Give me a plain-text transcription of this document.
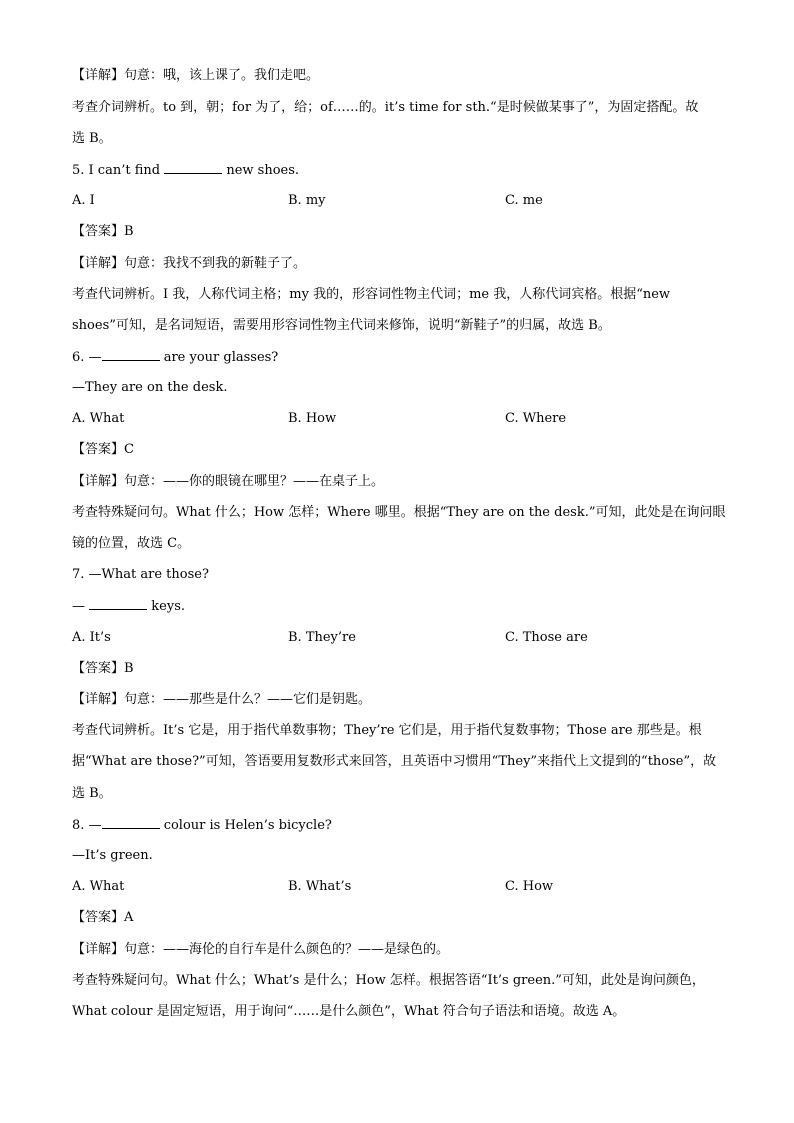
【详解】句意：哦，该上课了。我们走吧。
考查介词辨析。to 到，朝；for 为了，给；of……的。it’s time for sth.“是时候做某事了”，为固定搭配。故
选 B。
5. I can’t find	new shoes.
A. I	B. my	C. me
【答案】B
【详解】句意：我找不到我的新鞋子了。
考查代词辨析。I 我，人称代词主格；my 我的，形容词性物主代词；me 我，人称代词宾格。根据“new
shoes”可知，是名词短语，需要用形容词性物主代词来修饰，说明“新鞋子”的归属，故选 B。
6. —	are your glasses?
—They are on the desk.
A. What	B. How	C. Where
【答案】C
【详解】句意：——你的眼镜在哪里？——在桌子上。
考查特殊疑问句。What 什么；How 怎样；Where 哪里。根据“They are on the desk.”可知，此处是在询问眼
镜的位置，故选 C。
7. —What are those?
—	keys.
A. It’s	B. They’re	C. Those are
【答案】B
【详解】句意：——那些是什么？——它们是钥匙。
考查代词辨析。It’s 它是，用于指代单数事物；They’re 它们是，用于指代复数事物；Those are 那些是。根
据“What are those?”可知，答语要用复数形式来回答，且英语中习惯用“They”来指代上文提到的“those”，故
选 B。
8. —	colour is Helen’s bicycle?
—It’s green.
A. What	B. What’s	C. How
【答案】A
【详解】句意：——海伦的自行车是什么颜色的？——是绿色的。
考查特殊疑问句。What 什么；What’s 是什么；How 怎样。根据答语“It’s green.”可知，此处是询问颜色，
What colour 是固定短语，用于询问“……是什么颜色”，What 符合句子语法和语境。故选 A。
